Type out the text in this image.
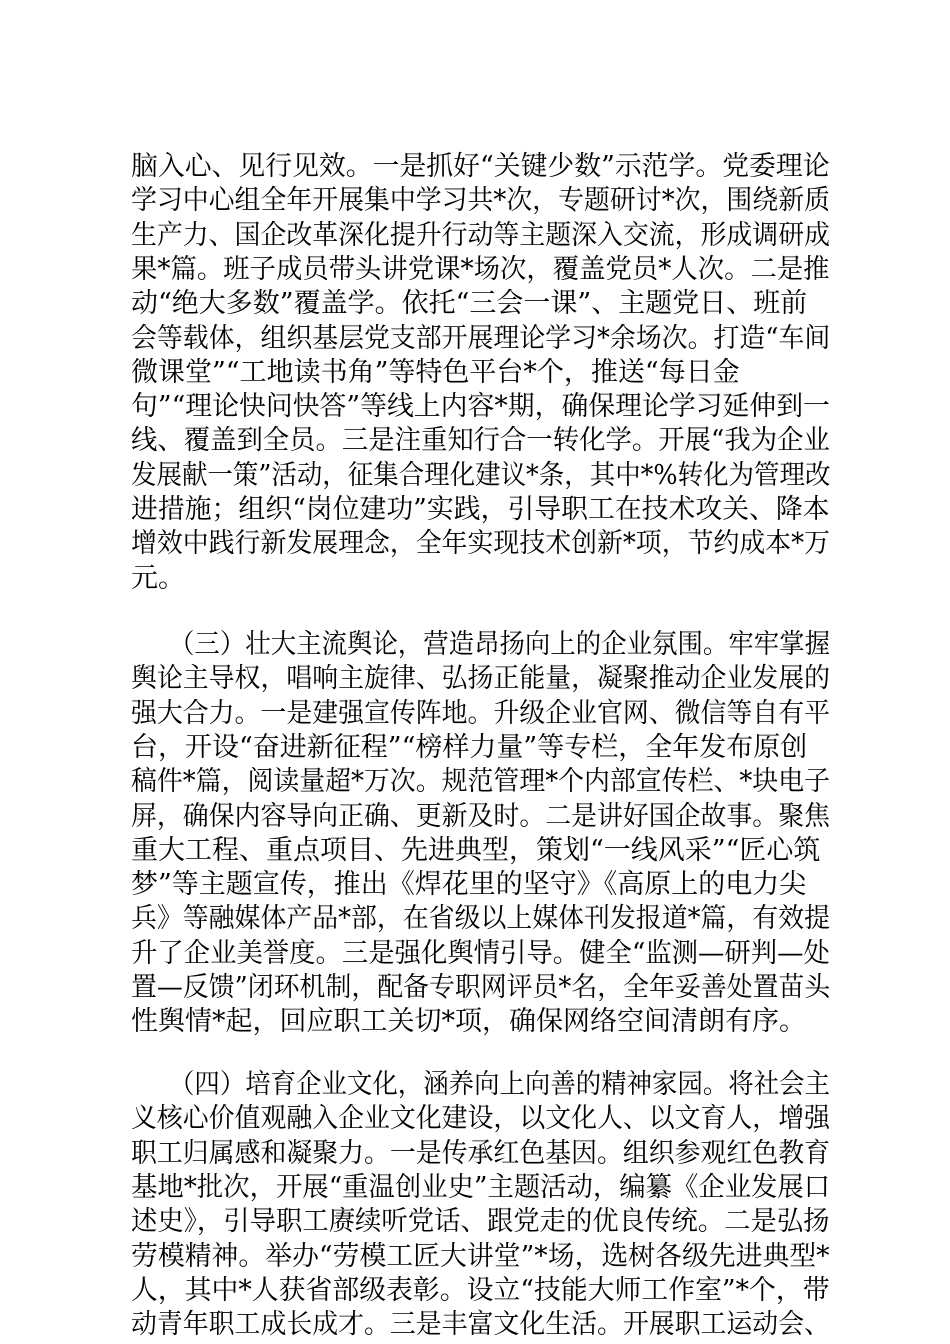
脑入心、见行见效。一是抓好“关键少数”示范学。党委理论
学习中心组全年开展集中学习共*次，专题研讨*次，围绕新质
生产力、国企改革深化提升行动等主题深入交流，形成调研成
果*篇。班子成员带头讲党课*场次，覆盖党员*人次。二是推
动“绝大多数”覆盖学。依托“三会一课”、主题党日、班前
会等载体，组织基层党支部开展理论学习*余场次。打造“车间
微课堂”“工地读书角”等特色平台*个，推送“每日金
句”“理论快问快答”等线上内容*期，确保理论学习延伸到一
线、覆盖到全员。三是注重知行合一转化学。开展“我为企业
发展献一策”活动，征集合理化建议*条，其中*%转化为管理改
进措施；组织“岗位建功”实践，引导职工在技术攻关、降本
增效中践行新发展理念，全年实现技术创新*项，节约成本*万
元。
（三）壮大主流舆论，营造昂扬向上的企业氛围。牢牢掌握
舆论主导权，唱响主旋律、弘扬正能量，凝聚推动企业发展的
强大合力。一是建强宣传阵地。升级企业官网、微信等自有平
台，开设“奋进新征程”“榜样力量”等专栏，全年发布原创
稿件*篇，阅读量超*万次。规范管理*个内部宣传栏、*块电子
屏，确保内容导向正确、更新及时。二是讲好国企故事。聚焦
重大工程、重点项目、先进典型，策划“一线风采”“匠心筑
梦”等主题宣传，推出《焊花里的坚守》《高原上的电力尖
兵》等融媒体产品*部，在省级以上媒体刊发报道*篇，有效提
升了企业美誉度。三是强化舆情引导。健全“监测—研判—处
置—反馈”闭环机制，配备专职网评员*名，全年妥善处置苗头
性舆情*起，回应职工关切*项，确保网络空间清朗有序。
（四）培育企业文化，涵养向上向善的精神家园。将社会主
义核心价值观融入企业文化建设，以文化人、以文育人，增强
职工归属感和凝聚力。一是传承红色基因。组织参观红色教育
基地*批次，开展“重温创业史”主题活动，编纂《企业发展口
述史》，引导职工赓续听党话、跟党走的优良传统。二是弘扬
劳模精神。举办“劳模工匠大讲堂”*场，选树各级先进典型*
人，其中*人获省部级表彰。设立“技能大师工作室”*个，带
动青年职工成长成才。三是丰富文化生活。开展职工运动会、
